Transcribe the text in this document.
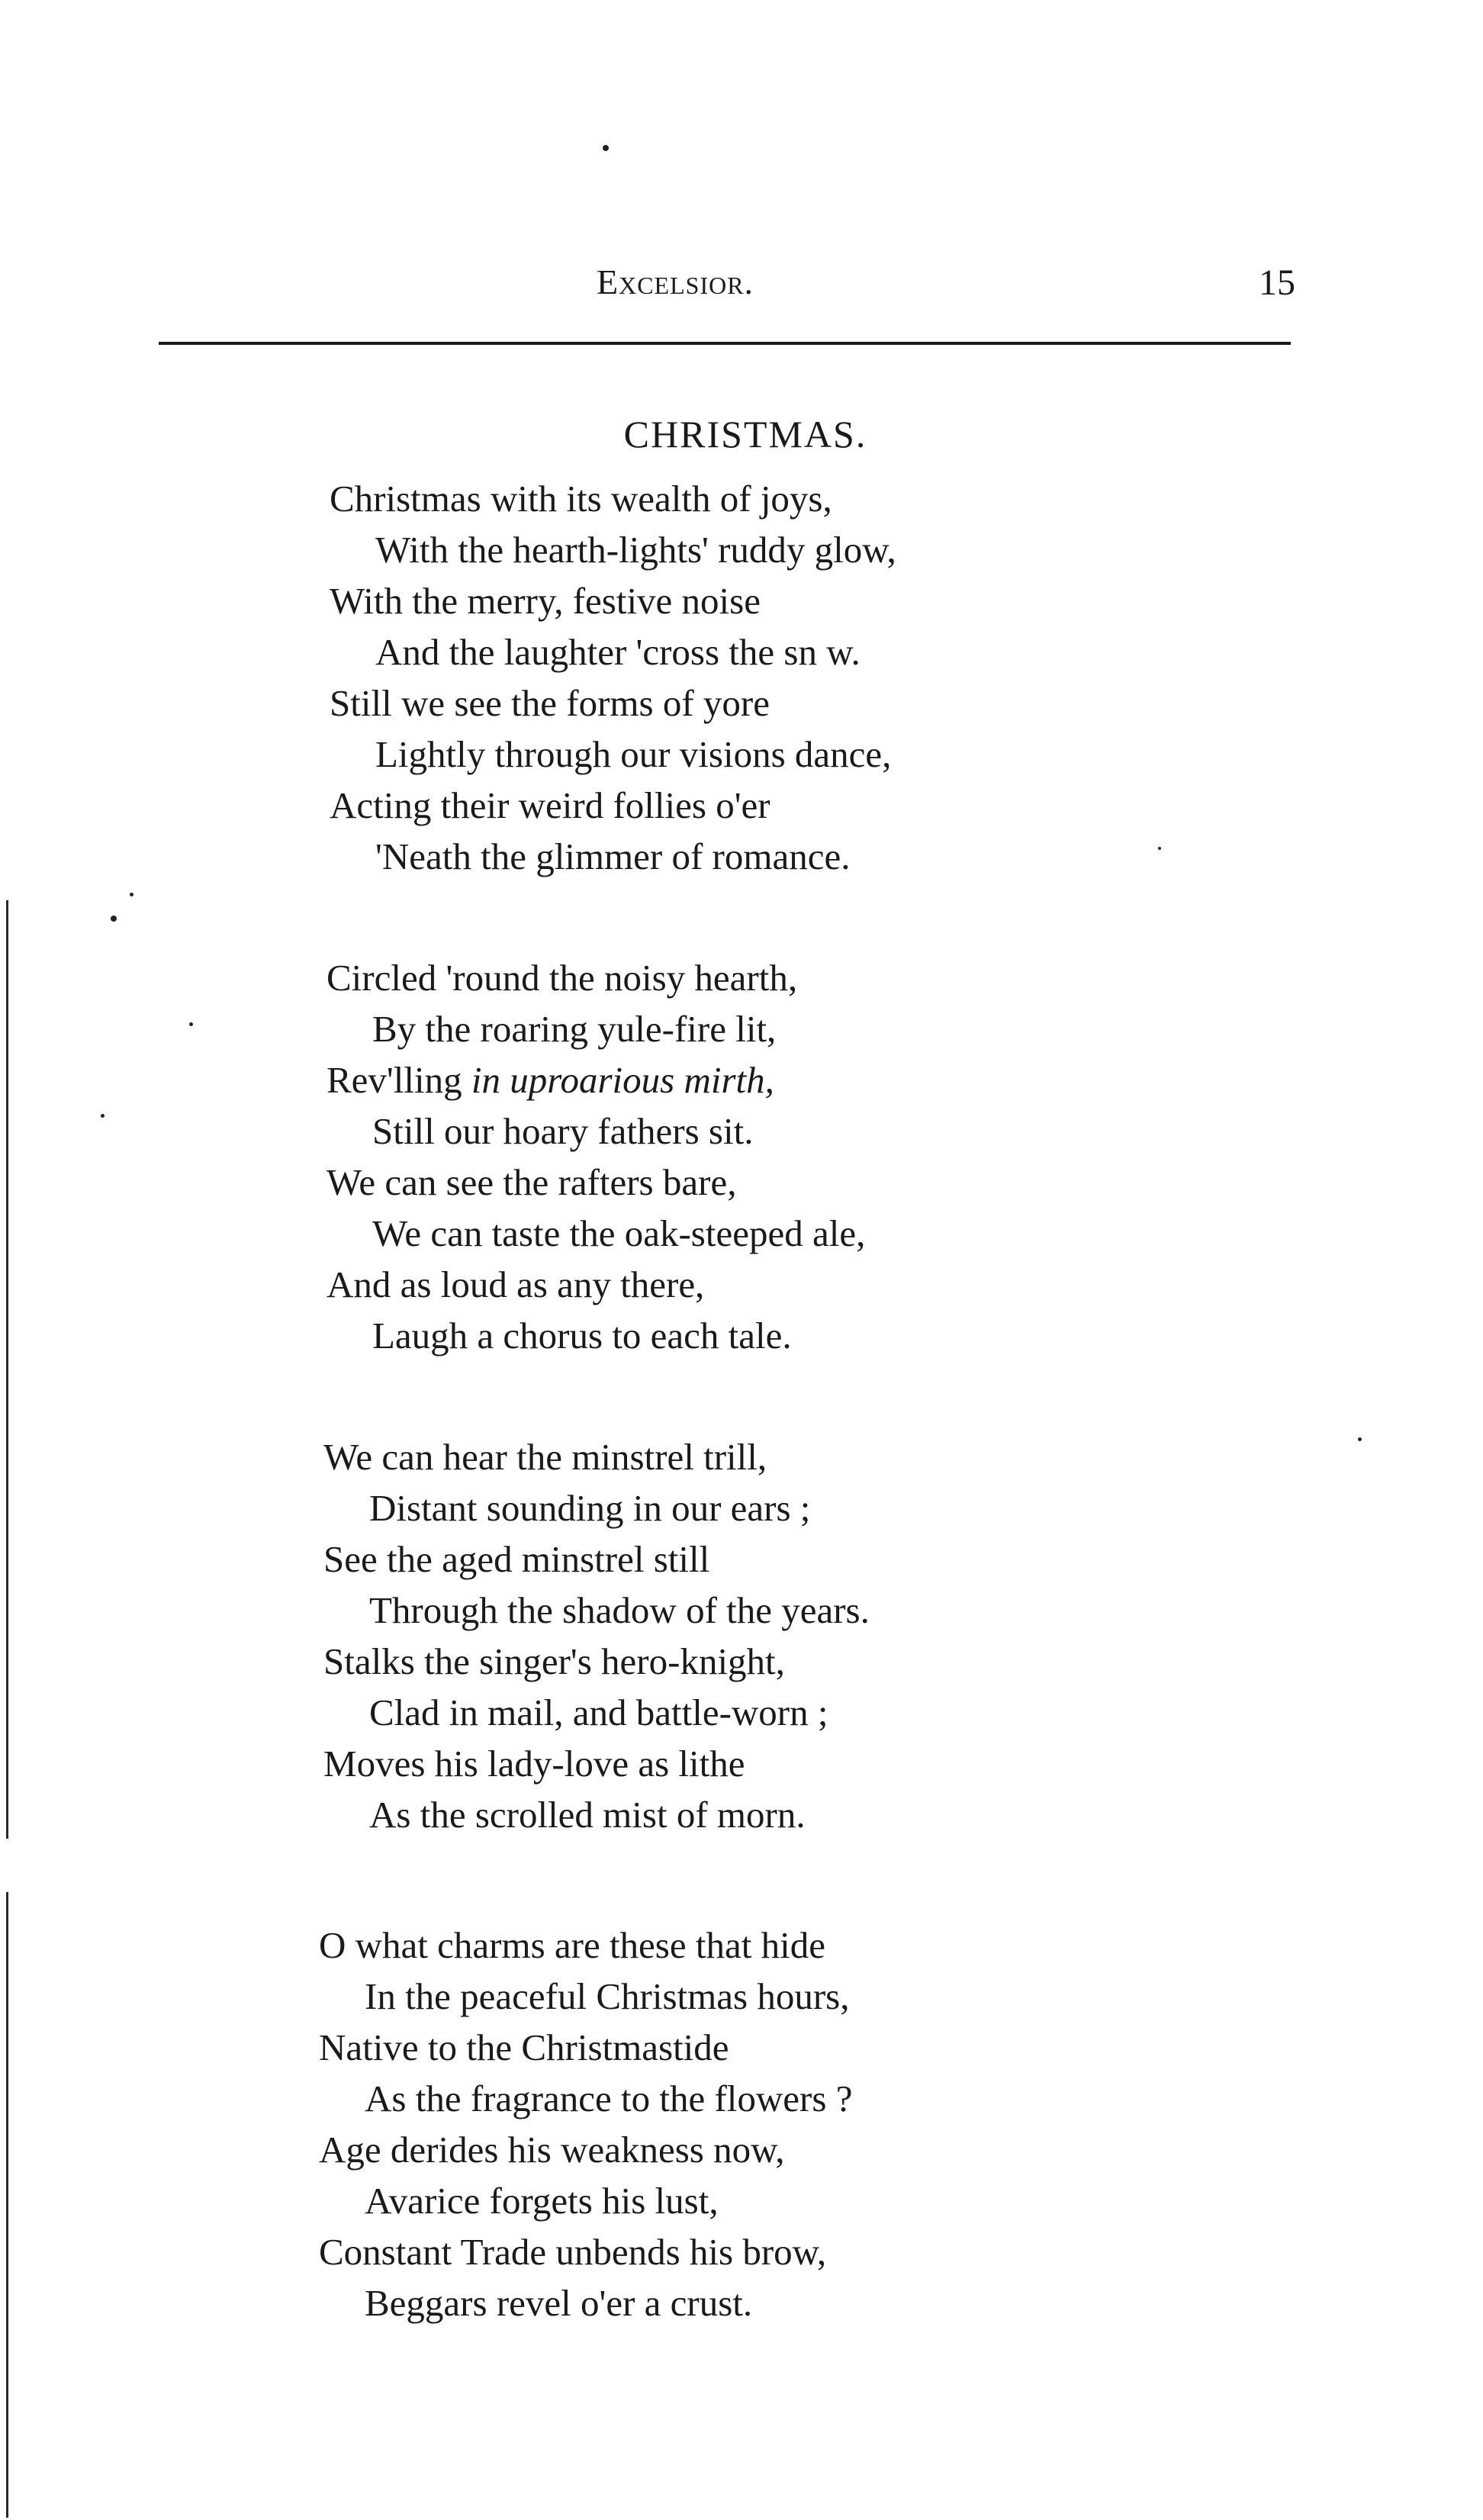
Excelsior.	15
CHRISTMAS.
Christmas with its wealth of joys,
With the hearth-lights' ruddy glow,
With the merry, festive noise
And the laughter 'cross the sn w.
Still we see the forms of yore
Lightly through our visions dance,
Acting their weird follies o'er
'Neath the glimmer of romance.
Circled 'round the noisy hearth,
By the roaring yule-fire lit,
Rev'lling in uproarious mirth,
Still our hoary fathers sit.
We can see the rafters bare,
We can taste the oak-steeped ale,
And as loud as any there,
Laugh a chorus to each tale.
We can hear the minstrel trill,
Distant sounding in our ears ;
See the aged minstrel still
Through the shadow of the years.
Stalks the singer's hero-knight,
Clad in mail, and battle-worn ;
Moves his lady-love as lithe
As the scrolled mist of morn.
O what charms are these that hide
In the peaceful Christmas hours,
Native to the Christmastide
As the fragrance to the flowers ?
Age derides his weakness now,
Avarice forgets his lust,
Constant Trade unbends his brow,
Beggars revel o'er a crust.
